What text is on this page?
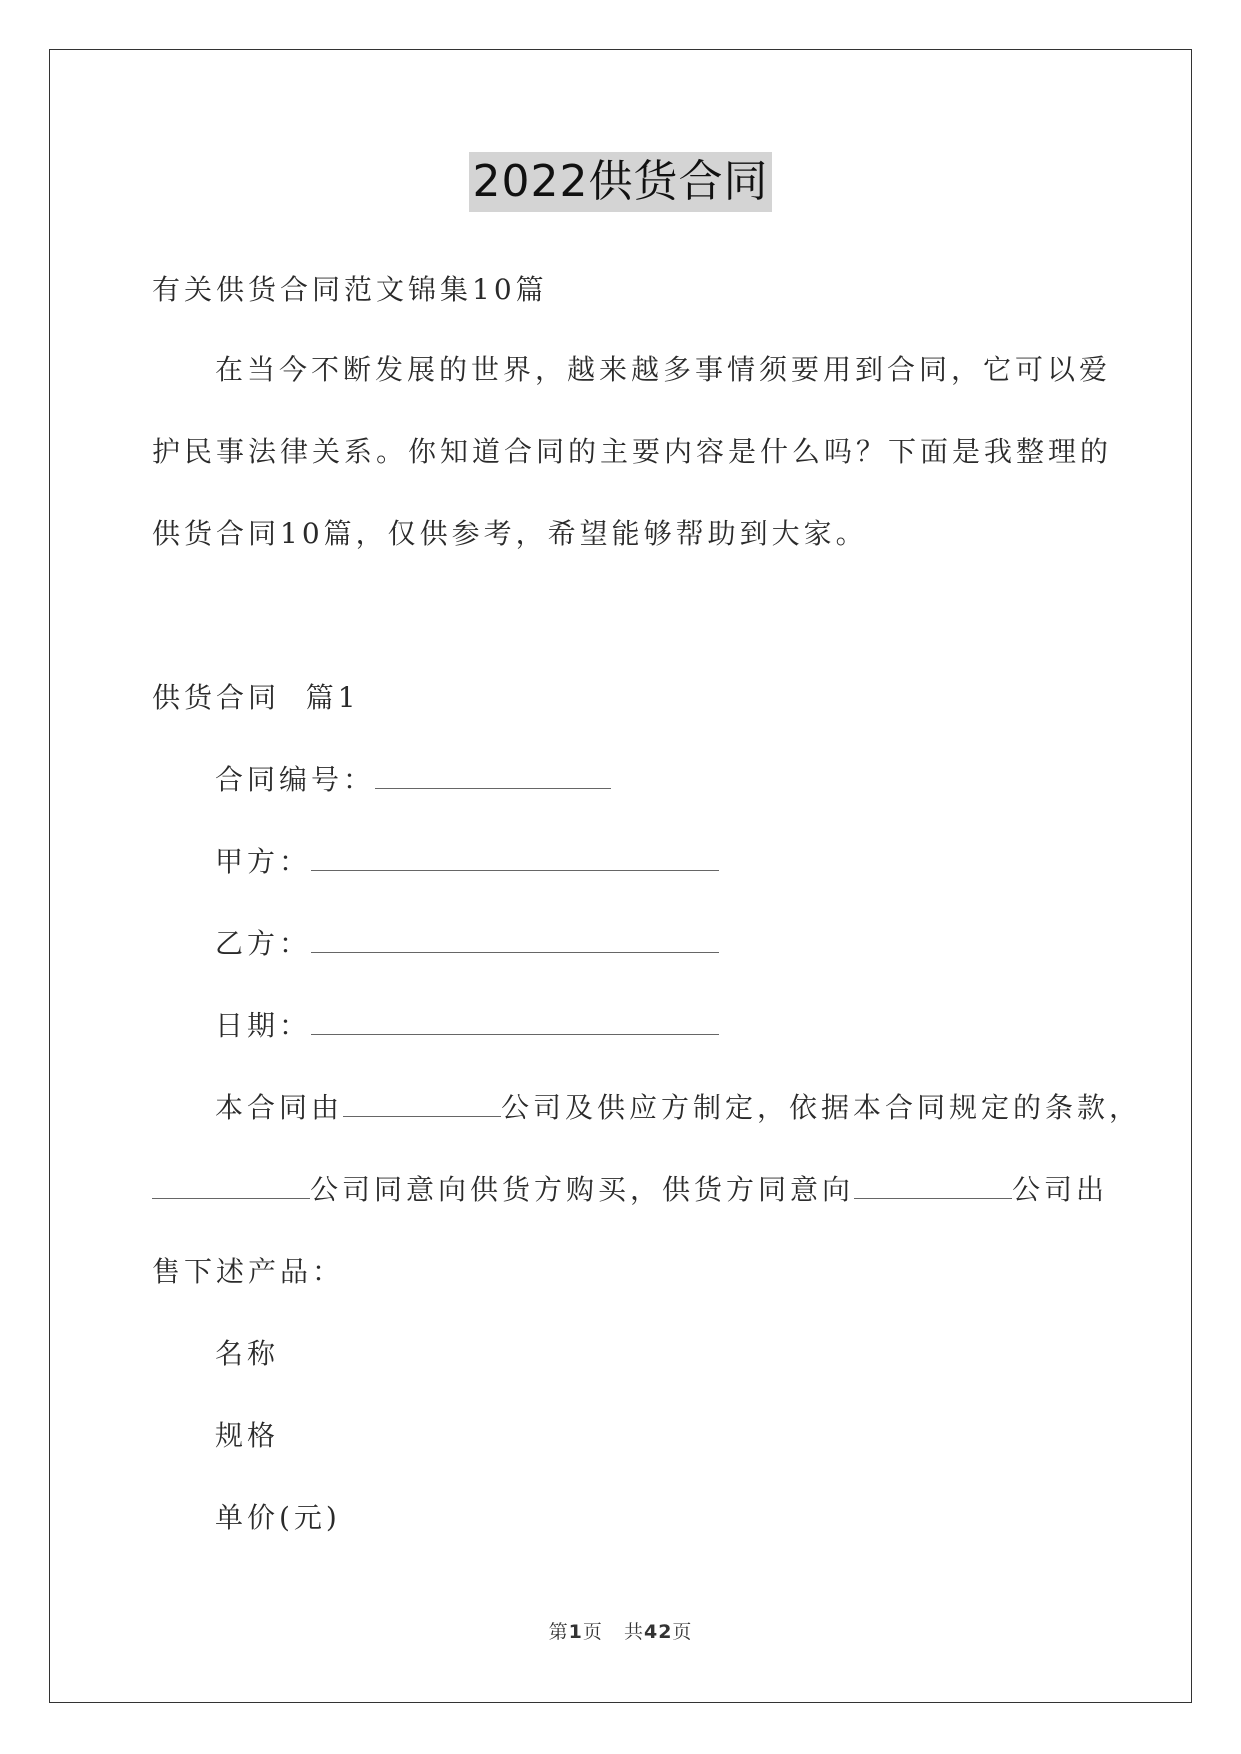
2022供货合同
有关供货合同范文锦集10篇
在当今不断发展的世界，越来越多事情须要用到合同，它可以爱
护民事法律关系。你知道合同的主要内容是什么吗？下面是我整理的
供货合同10篇，仅供参考，希望能够帮助到大家。
供货合同  篇1
合同编号：
甲方：
乙方：
日期：
本合同由	公司及供应方制定，依据本合同规定的条款，
公司同意向供货方购买，供货方同意向	公司出
售下述产品：
名称
规格
单价(元)
第1页 共42页
